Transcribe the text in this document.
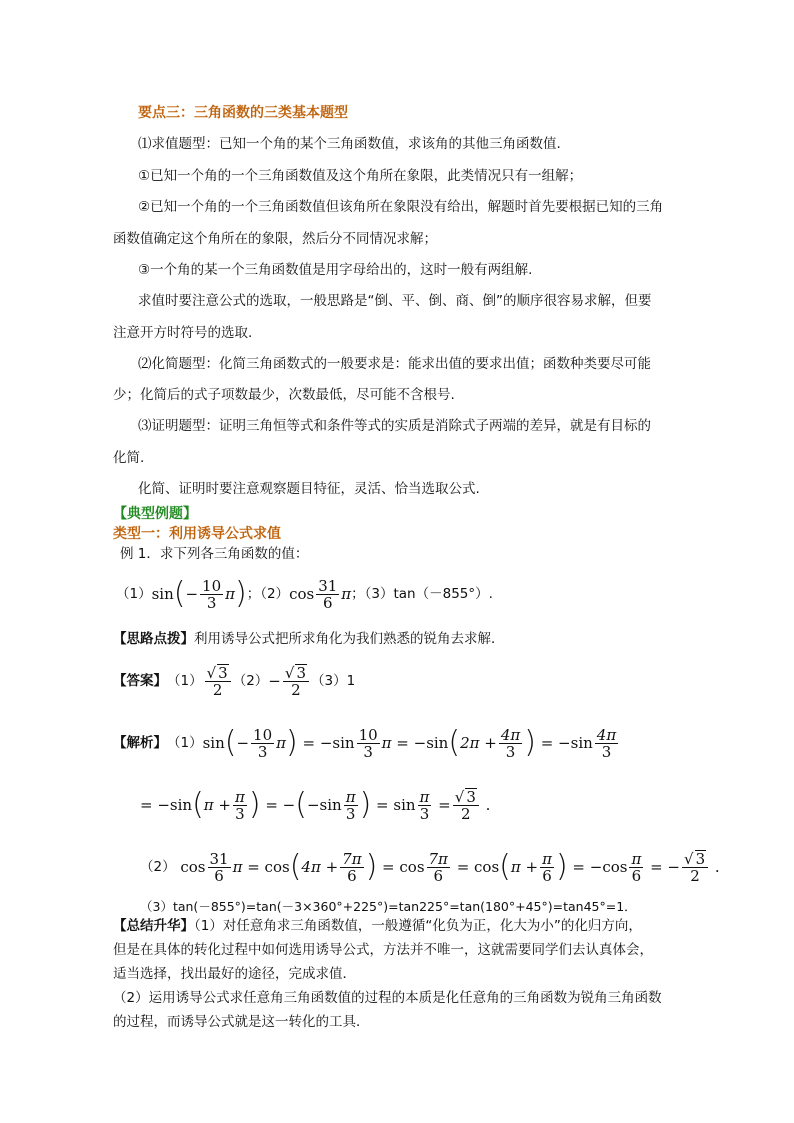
要点三：三角函数的三类基本题型
⑴求值题型：已知一个角的某个三角函数值，求该角的其他三角函数值.
①已知一个角的一个三角函数值及这个角所在象限，此类情况只有一组解；
②已知一个角的一个三角函数值但该角所在象限没有给出，解题时首先要根据已知的三角
函数值确定这个角所在的象限，然后分不同情况求解；
③一个角的某一个三角函数值是用字母给出的，这时一般有两组解.
求值时要注意公式的选取，一般思路是“倒、平、倒、商、倒”的顺序很容易求解，但要
注意开方时符号的选取.
⑵化简题型：化简三角函数式的一般要求是：能求出值的要求出值；函数种类要尽可能
少；化简后的式子项数最少，次数最低，尽可能不含根号.
⑶证明题型：证明三角恒等式和条件等式的实质是消除式子两端的差异，就是有目标的
化简.
化简、证明时要注意观察题目特征，灵活、恰当选取公式.
【典型例题】
类型一：利用诱导公式求值
例 1．求下列各三角函数的值：
（1） sin ( − $\frac{10}{3}$ π ) ；（2） $\cos \frac{31}{6}$ π ；（3）tan（－855°）.
【思路点拨】利用诱导公式把所求角化为我们熟悉的锐角去求解．
【答案】 $(1) \frac{√ 3}{2} (2) - \frac{√ 3}{2} (3)1$
【解析】 （1） sin ( − $\frac{10}{3}$ π ) = $-\sin \frac{10}{3}$ π = −sin ( $2\pi + \frac{4\pi}{3}$ ) = $-\sin \frac{4\pi}{3}$
= −sin ( $\pi + \frac{\pi}{3}$ ) = − ( $-\sin \frac{\pi}{3}$ ) = $\sin \frac{\pi}{3} = \frac{√ 3}{2}$ .
（2） $\cos \frac{31}{6}$ π = cos ( $4\pi + \frac{7\pi}{6}$ ) = $\cos \frac{7\pi}{6} = \cos$ ( $\pi + \frac{\pi}{6}$ ) = $-\cos \frac{\pi}{6}$ = − $\frac{√ 3}{2}$ .
（3）tan(－855°)=tan(－3×360°+225°)=tan225°=tan(180°+45°)=tan45°=1．
【总结升华】（1）对任意角求三角函数值，一般遵循“化负为正，化大为小”的化归方向，
但是在具体的转化过程中如何选用诱导公式，方法并不唯一，这就需要同学们去认真体会，
适当选择，找出最好的途径，完成求值．
（2）运用诱导公式求任意角三角函数值的过程的本质是化任意角的三角函数为锐角三角函数
的过程，而诱导公式就是这一转化的工具．
